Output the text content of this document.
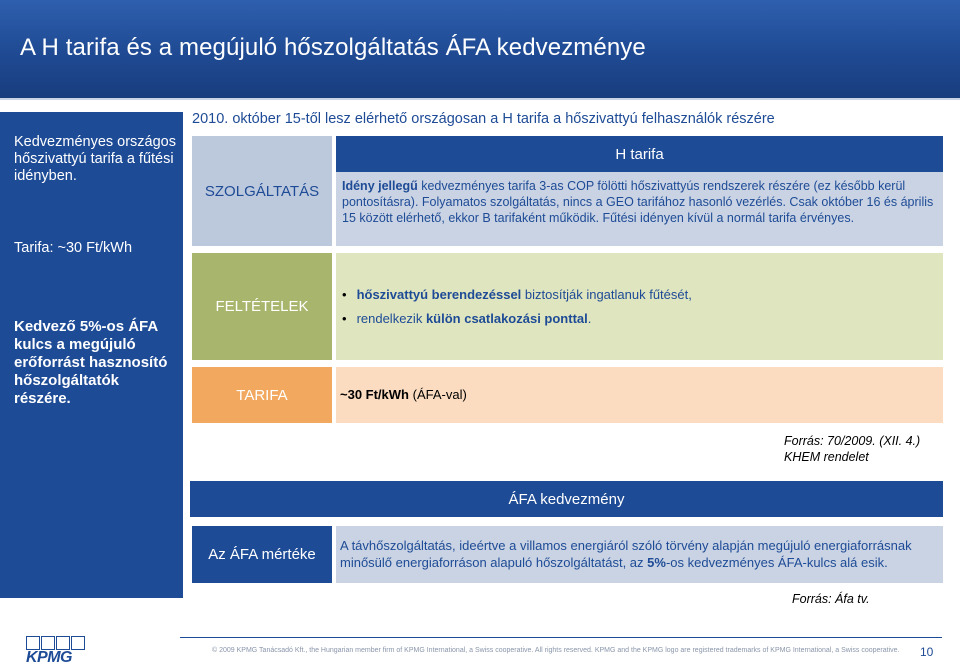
A H tarifa és a megújuló hőszolgáltatás ÁFA kedvezménye
Kedvezményes országos hőszivattyú tarifa a fűtési idényben.
Tarifa: ~30 Ft/kWh
Kedvező 5%-os ÁFA kulcs a megújuló erőforrást hasznosító hőszolgáltatók részére.
2010. október 15-től lesz elérhető országosan a H tarifa a hőszivattyú felhasználók részére
SZOLGÁLTATÁS
H tarifa
Idény jellegű kedvezményes tarifa 3-as COP fölötti hőszivattyús rendszerek részére (ez később kerül pontosításra). Folyamatos szolgáltatás, nincs a GEO tarifához hasonló vezérlés. Csak október 16 és április 15 között elérhető, ekkor B tarifaként működik. Fűtési idényen kívül a normál tarifa érvényes.
FELTÉTELEK
• hőszivattyú berendezéssel biztosítják ingatlanuk fűtését,
• rendelkezik külön csatlakozási ponttal.
TARIFA	~30 Ft/kWh (ÁFA-val)
Forrás: 70/2009. (XII. 4.)
KHEM rendelet
ÁFA kedvezmény
Az ÁFA mértéke
A távhőszolgáltatás, ideértve a villamos energiáról szóló törvény alapján megújuló energiaforrásnak minősülő energiaforráson alapuló hőszolgáltatást, az 5%-os kedvezményes ÁFA-kulcs alá esik.
Forrás: Áfa tv.
KPMG	© 2009 KPMG Tanácsadó Kft., the Hungarian member firm of KPMG International, a Swiss cooperative. All rights reserved. KPMG and the KPMG logo are registered trademarks of KPMG International, a Swiss cooperative. 10
